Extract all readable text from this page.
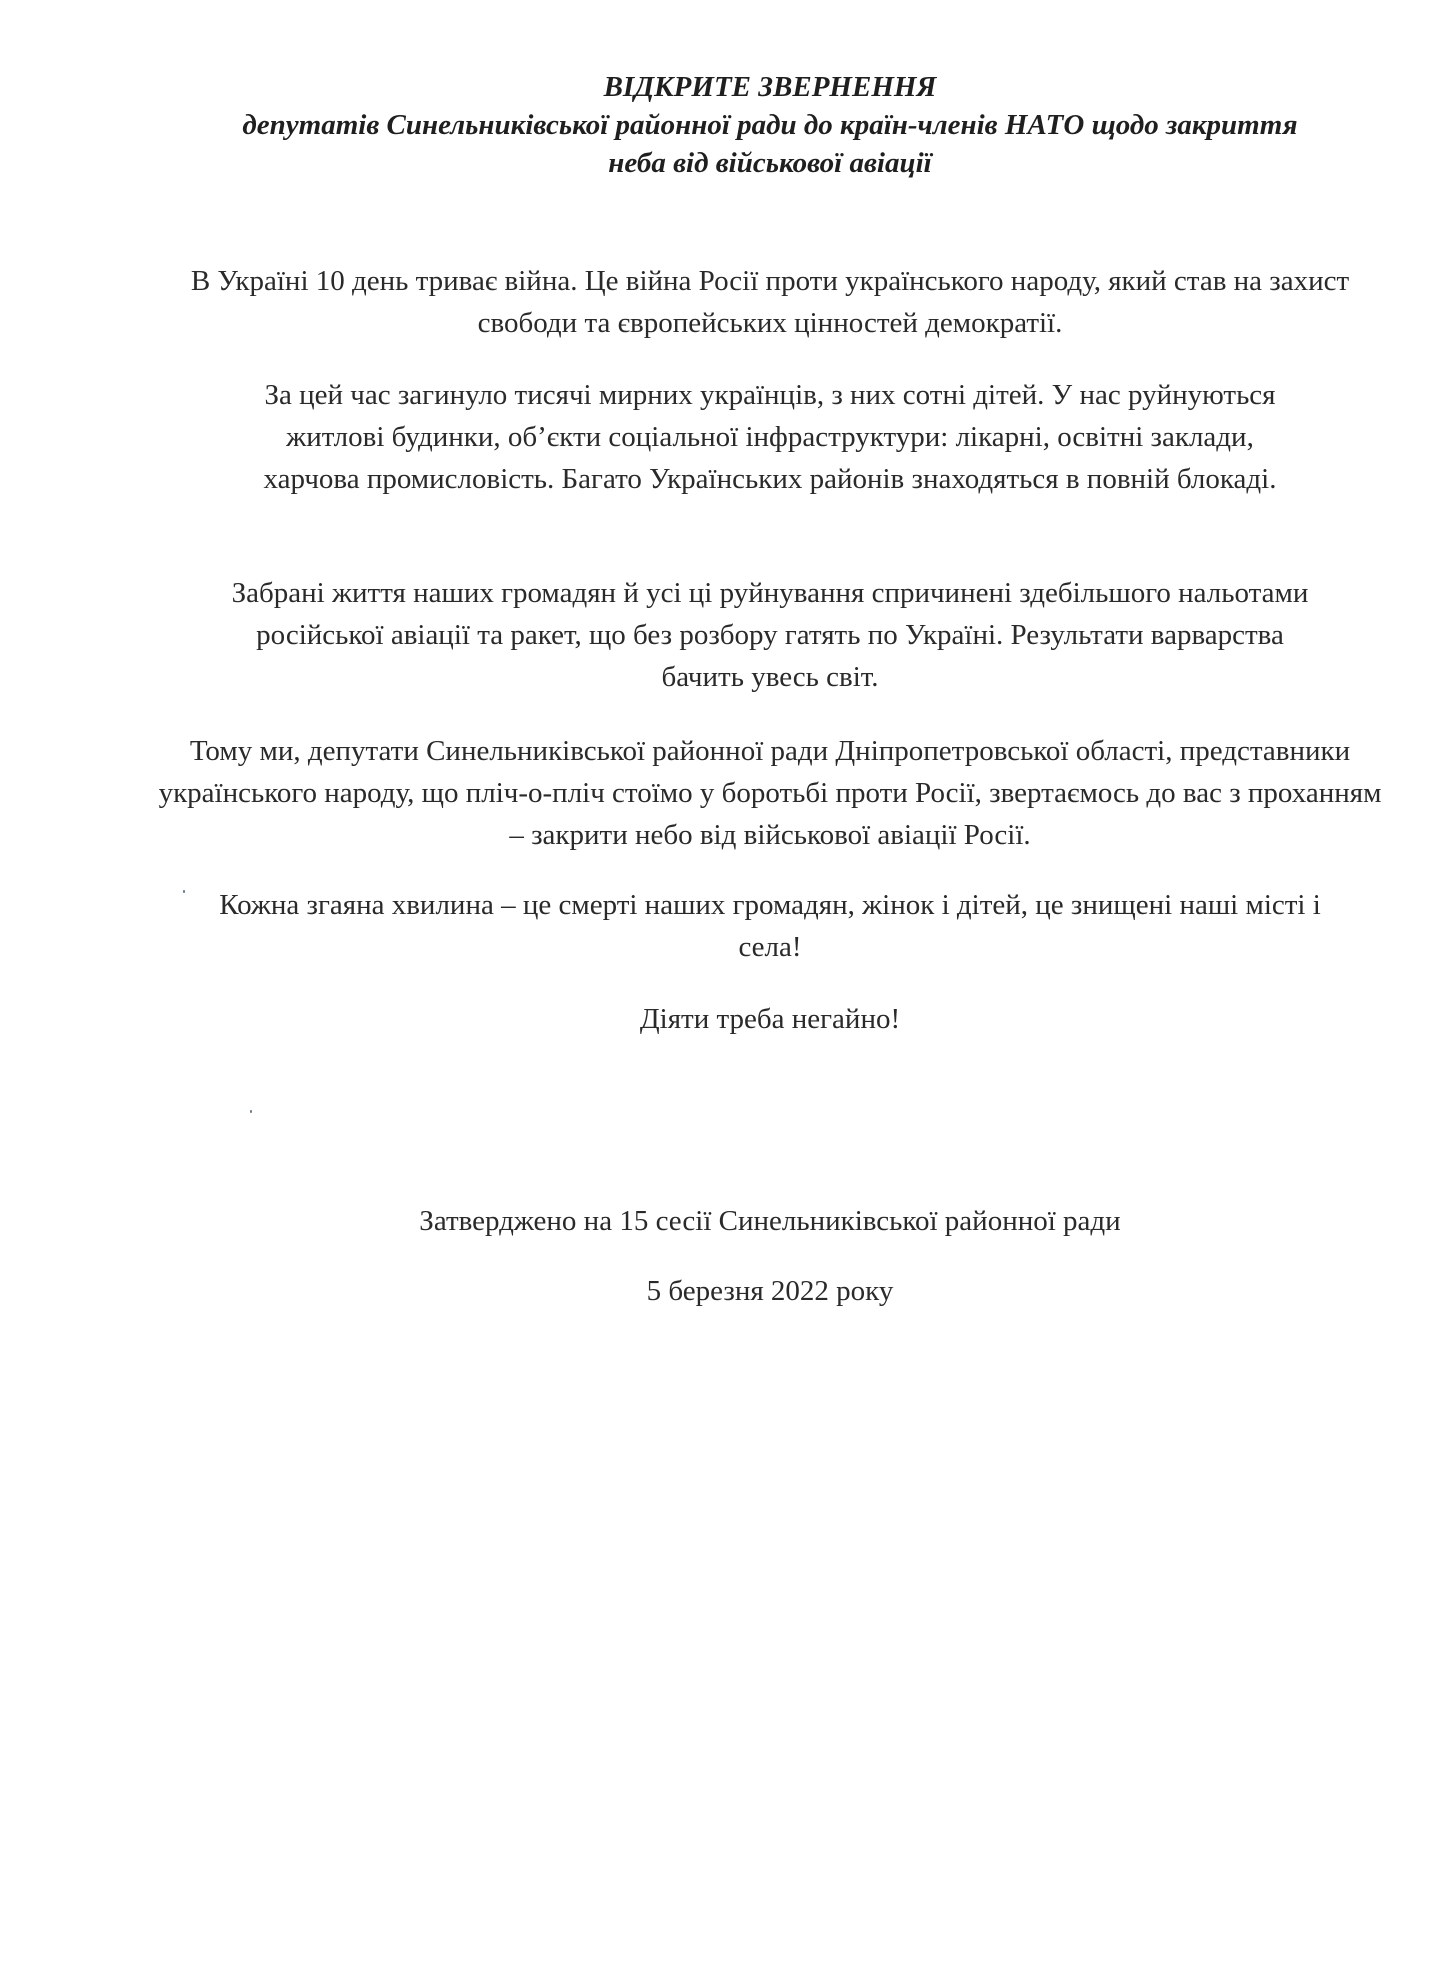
ВІДКРИТЕ ЗВЕРНЕННЯ
депутатів Синельниківської районної ради до країн-членів НАТО щодо закриття неба від військової авіації

В Україні 10 день триває війна. Це війна Росії проти українського народу, який став на захист свободи та європейських цінностей демократії.

За цей час загинуло тисячі мирних українців, з них сотні дітей. У нас руйнуються житлові будинки, об’єкти соціальної інфраструктури: лікарні, освітні заклади, харчова промисловість. Багато Українських районів знаходяться в повній блокаді.

Забрані життя наших громадян й усі ці руйнування спричинені здебільшого нальотами російської авіації та ракет, що без розбору гатять по Україні. Результати варварства бачить увесь світ.

Тому ми, депутати Синельниківської районної ради Дніпропетровської області, представники українського народу, що пліч-о-пліч стоїмо у боротьбі проти Росії, звертаємось до вас з проханням – закрити небо від військової авіації Росії.

Кожна згаяна хвилина – це смерті наших громадян, жінок і дітей, це знищені наші місті і села!

Діяти треба негайно!

Затверджено на 15 сесії Синельниківської районної ради
5 березня 2022 року
